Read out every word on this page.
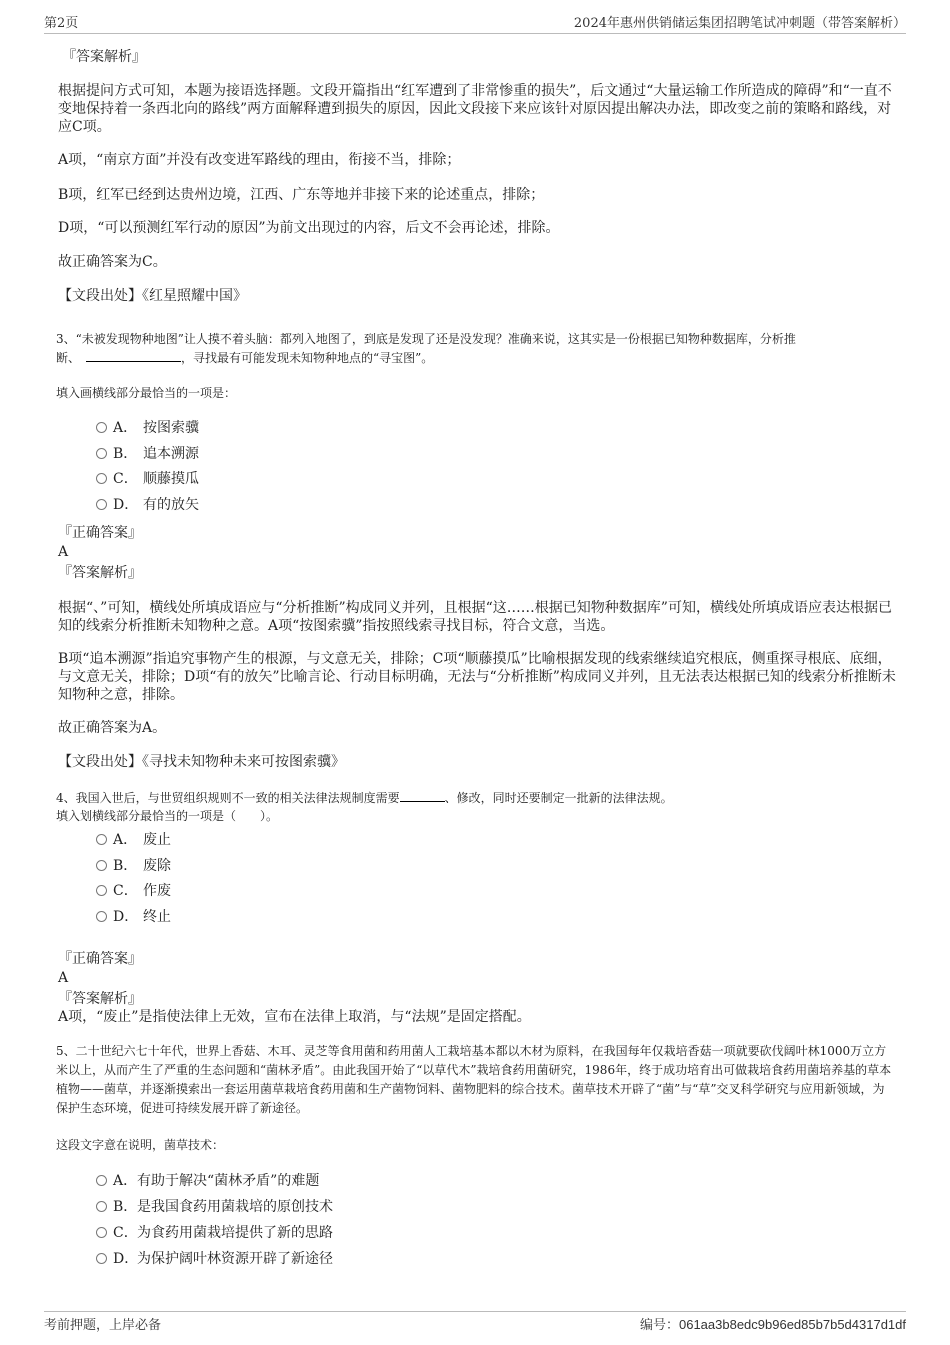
第2页	2024年惠州供销储运集团招聘笔试冲刺题（带答案解析）
『答案解析』
根据提问方式可知，本题为接语选择题。文段开篇指出“红军遭到了非常惨重的损失”，后文通过“大量运输工作所造成的障碍”和“一直不变地保持着一条西北向的路线”两方面解释遭到损失的原因，因此文段接下来应该针对原因提出解决办法，即改变之前的策略和路线，对应C项。
A项，“南京方面”并没有改变进军路线的理由，衔接不当，排除；
B项，红军已经到达贵州边境，江西、广东等地并非接下来的论述重点，排除；
D项，“可以预测红军行动的原因”为前文出现过的内容，后文不会再论述，排除。
故正确答案为C。
【文段出处】《红星照耀中国》
3、“未被发现物种地图”让人摸不着头脑：都列入地图了，到底是发现了还是没发现？准确来说，这其实是一份根据已知物种数据库，分析推
断、　	，寻找最有可能发现未知物种地点的“寻宝图”。
填入画横线部分最恰当的一项是：
A． 按图索骥
B． 追本溯源
C． 顺藤摸瓜
D． 有的放矢
『正确答案』
A
『答案解析』
根据“、”可知，横线处所填成语应与“分析推断”构成同义并列，且根据“这……根据已知物种数据库”可知，横线处所填成语应表达根据已知的线索分析推断未知物种之意。A项“按图索骥”指按照线索寻找目标，符合文意，当选。
B项“追本溯源”指追究事物产生的根源，与文意无关，排除；C项“顺藤摸瓜”比喻根据发现的线索继续追究根底，侧重探寻根底、底细，与文意无关，排除；D项“有的放矢”比喻言论、行动目标明确，无法与“分析推断”构成同义并列，且无法表达根据已知的线索分析推断未知物种之意，排除。
故正确答案为A。
【文段出处】《寻找未知物种未来可按图索骥》
4、我国入世后，与世贸组织规则不一致的相关法律法规制度需要	、修改，同时还要制定一批新的法律法规。
填入划横线部分最恰当的一项是（　　）。
A． 废止
B． 废除
C． 作废
D． 终止
『正确答案』
A
『答案解析』
A项，“废止”是指使法律上无效，宣布在法律上取消，与“法规”是固定搭配。
5、二十世纪六七十年代，世界上香菇、木耳、灵芝等食用菌和药用菌人工栽培基本都以木材为原料，在我国每年仅栽培香菇一项就要砍伐阔叶林1000万立方米以上，从而产生了严重的生态问题和“菌林矛盾”。由此我国开始了“以草代木”栽培食药用菌研究，1986年，终于成功培育出可做栽培食药用菌培养基的草本植物——菌草，并逐渐摸索出一套运用菌草栽培食药用菌和生产菌物饲料、菌物肥料的综合技术。菌草技术开辟了“菌”与“草”交叉科学研究与应用新领域，为保护生态环境，促进可持续发展开辟了新途径。
这段文字意在说明，菌草技术：
A．有助于解决“菌林矛盾”的难题
B．是我国食药用菌栽培的原创技术
C．为食药用菌栽培提供了新的思路
D．为保护阔叶林资源开辟了新途径
考前押题，上岸必备	编号：061aa3b8edc9b96ed85b7b5d4317d1df
